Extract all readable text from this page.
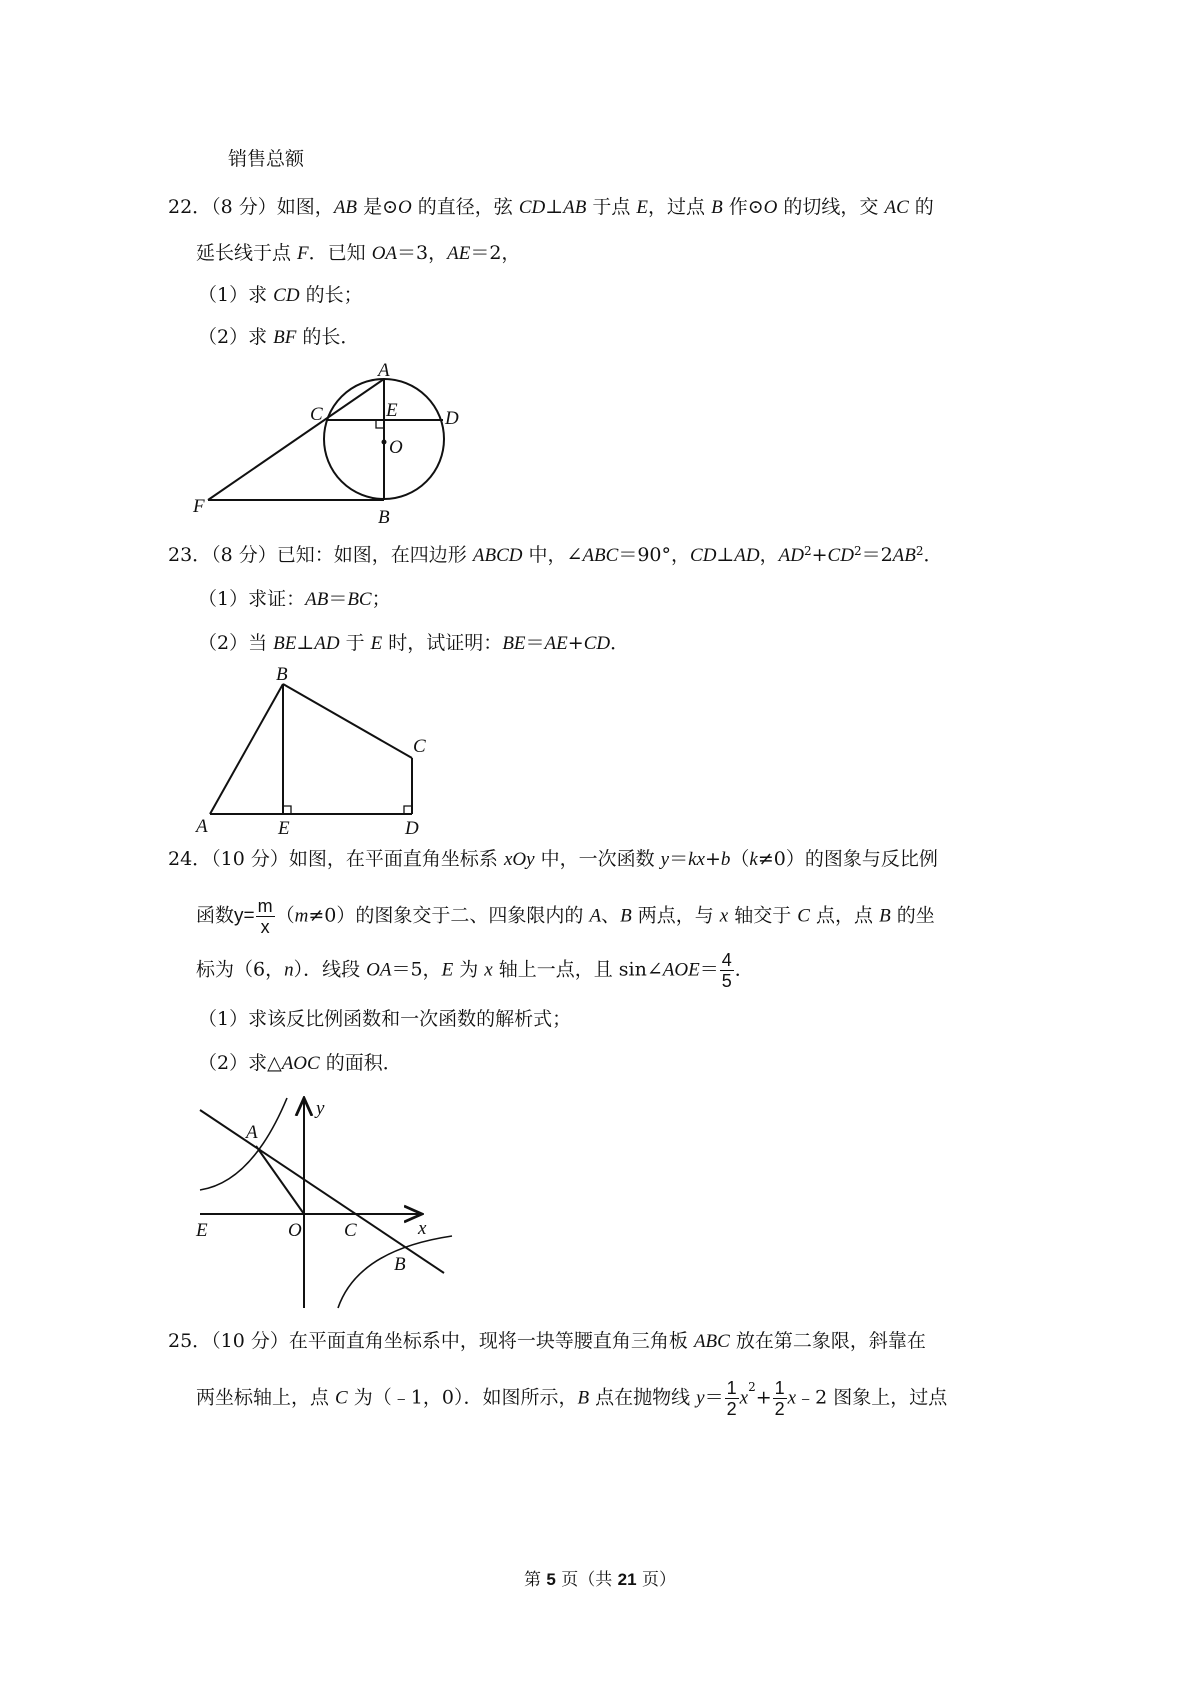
销售总额
22．（8 分）如图，AB 是⊙O 的直径，弦 CD⊥AB 于点 E，过点 B 作⊙O 的切线，交 AC 的
延长线于点 F．已知 OA＝3，AE＝2，
（1）求 CD 的长；
（2）求 BF 的长．
A
C	E D
O
F
B
23．（8 分）已知：如图，在四边形 ABCD 中，∠ABC＝90°，CD⊥AD，$AD^2+CD^2=2AB^2$．
（1）求证：AB＝BC；
（2）当 BE⊥AD 于 E 时，试证明：BE＝AE+CD．
B
C
A	E	D
24．（10 分）如图，在平面直角坐标系 xOy 中，一次函数 y＝kx+b（k≠0）的图象与反比例
函数$y= \frac{m}{x} (m\ne 0)$的图象交于二、四象限内的 A、B 两点，与 x 轴交于 C 点，点 B 的坐
标为（6，n）．线段 OA＝5，E 为 x 轴上一点，且 sin∠AOE＝ $\frac{4}{5}$ ．
（1）求该反比例函数和一次函数的解析式；
（2）求△AOC 的面积．
y
A
x
E	O C
B
25．（10 分）在平面直角坐标系中，现将一块等腰直角三角板 ABC 放在第二象限，斜靠在
两坐标轴上，点 C 为（﹣1，0）．如图所示，B 点在抛物线 $y= \frac{1}{2} x^2+ \frac{1}{2}$ x﹣2 图象上，过点
第 5 页（共 21 页）
